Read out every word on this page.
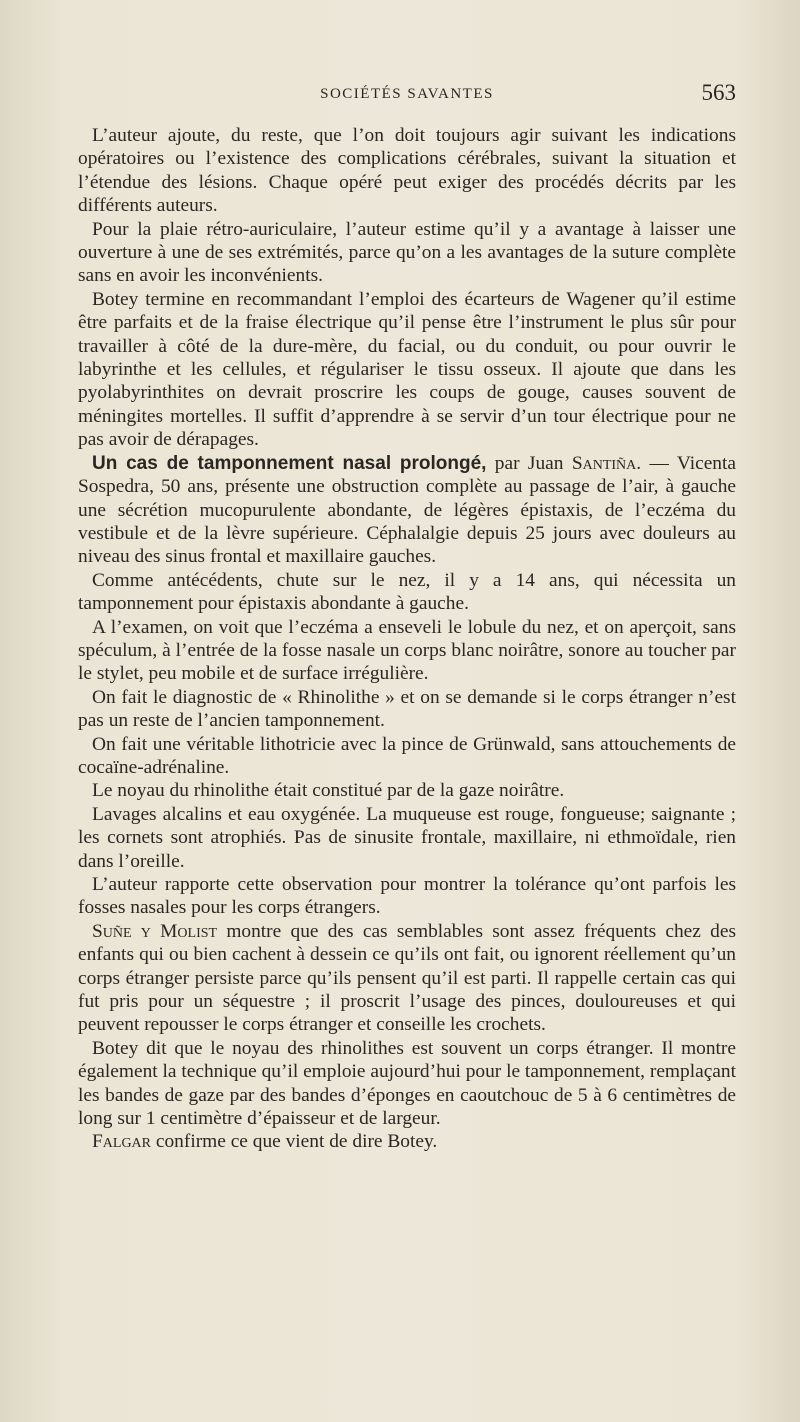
SOCIÉTÉS SAVANTES	563

L’auteur ajoute, du reste, que l’on doit toujours agir suivant les indications opératoires ou l’existence des complications cérébrales, suivant la situation et l’étendue des lésions. Chaque opéré peut exiger des procédés décrits par les différents auteurs.

Pour la plaie rétro-auriculaire, l’auteur estime qu’il y a avantage à laisser une ouverture à une de ses extrémités, parce qu’on a les avantages de la suture complète sans en avoir les inconvénients.

Botey termine en recommandant l’emploi des écarteurs de Wagener qu’il estime être parfaits et de la fraise électrique qu’il pense être l’instrument le plus sûr pour travailler à côté de la dure-mère, du facial, ou du conduit, ou pour ouvrir le labyrinthe et les cellules, et régulariser le tissu osseux. Il ajoute que dans les pyolabyrinthites on devrait proscrire les coups de gouge, causes souvent de méningites mortelles. Il suffit d’apprendre à se servir d’un tour électrique pour ne pas avoir de dérapages.

Un cas de tamponnement nasal prolongé, par Juan Santiña. — Vicenta Sospedra, 50 ans, présente une obstruction complète au passage de l’air, à gauche une sécrétion mucopurulente abondante, de légères épistaxis, de l’eczéma du vestibule et de la lèvre supérieure. Céphalalgie depuis 25 jours avec douleurs au niveau des sinus frontal et maxillaire gauches.

Comme antécédents, chute sur le nez, il y a 14 ans, qui nécessita un tamponnement pour épistaxis abondante à gauche.

A l’examen, on voit que l’eczéma a enseveli le lobule du nez, et on aperçoit, sans spéculum, à l’entrée de la fosse nasale un corps blanc noirâtre, sonore au toucher par le stylet, peu mobile et de surface irrégulière.

On fait le diagnostic de « Rhinolithe » et on se demande si le corps étranger n’est pas un reste de l’ancien tamponnement.

On fait une véritable lithotricie avec la pince de Grünwald, sans attouchements de cocaïne-adrénaline.

Le noyau du rhinolithe était constitué par de la gaze noirâtre.

Lavages alcalins et eau oxygénée. La muqueuse est rouge, fongueuse; saignante ; les cornets sont atrophiés. Pas de sinusite frontale, maxillaire, ni ethmoïdale, rien dans l’oreille.

L’auteur rapporte cette observation pour montrer la tolérance qu’ont parfois les fosses nasales pour les corps étrangers.

Suñe y Molist montre que des cas semblables sont assez fréquents chez des enfants qui ou bien cachent à dessein ce qu’ils ont fait, ou ignorent réellement qu’un corps étranger persiste parce qu’ils pensent qu’il est parti. Il rappelle certain cas qui fut pris pour un séquestre ; il proscrit l’usage des pinces, douloureuses et qui peuvent repousser le corps étranger et conseille les crochets.

Botey dit que le noyau des rhinolithes est souvent un corps étranger. Il montre également la technique qu’il emploie aujourd’hui pour le tamponnement, remplaçant les bandes de gaze par des bandes d’éponges en caoutchouc de 5 à 6 centimètres de long sur 1 centimètre d’épaisseur et de largeur.

Falgar confirme ce que vient de dire Botey.
